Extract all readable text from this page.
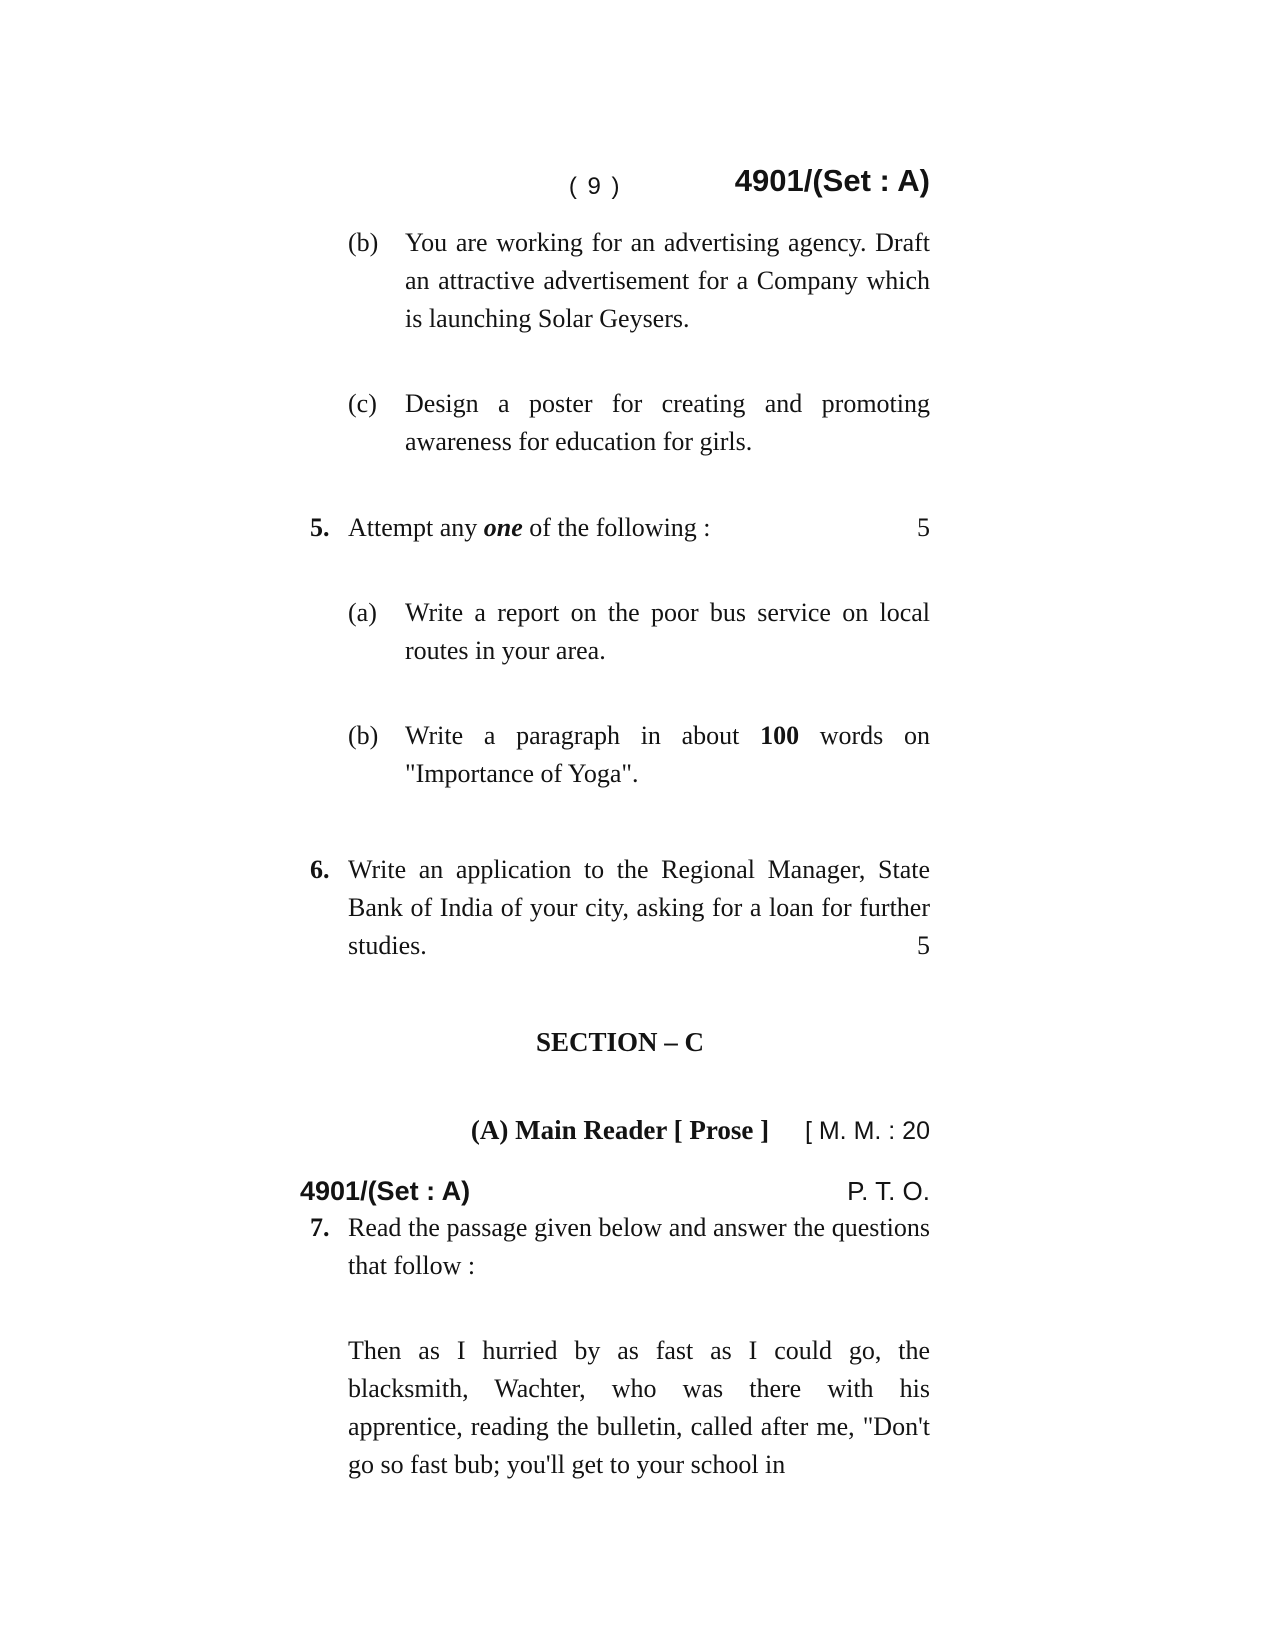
( 9 )	4901/(Set : A)
(b)	You are working for an advertising agency. Draft an attractive advertisement for a Company which is launching Solar Geysers.
(c)	Design a poster for creating and promoting awareness for education for girls.
5. Attempt any one of the following :	5
(a)	Write a report on the poor bus service on local routes in your area.
(b)	Write a paragraph in about 100 words on "Importance of Yoga".
6. Write an application to the Regional Manager, State Bank of India of your city, asking for a loan for further studies.	5
SECTION – C
(A) Main Reader [ Prose ] [ M. M. : 20
7. Read the passage given below and answer the questions that follow :
Then as I hurried by as fast as I could go, the blacksmith, Wachter, who was there with his apprentice, reading the bulletin, called after me, "Don't go so fast bub; you'll get to your school in
4901/(Set : A)	P. T. O.
